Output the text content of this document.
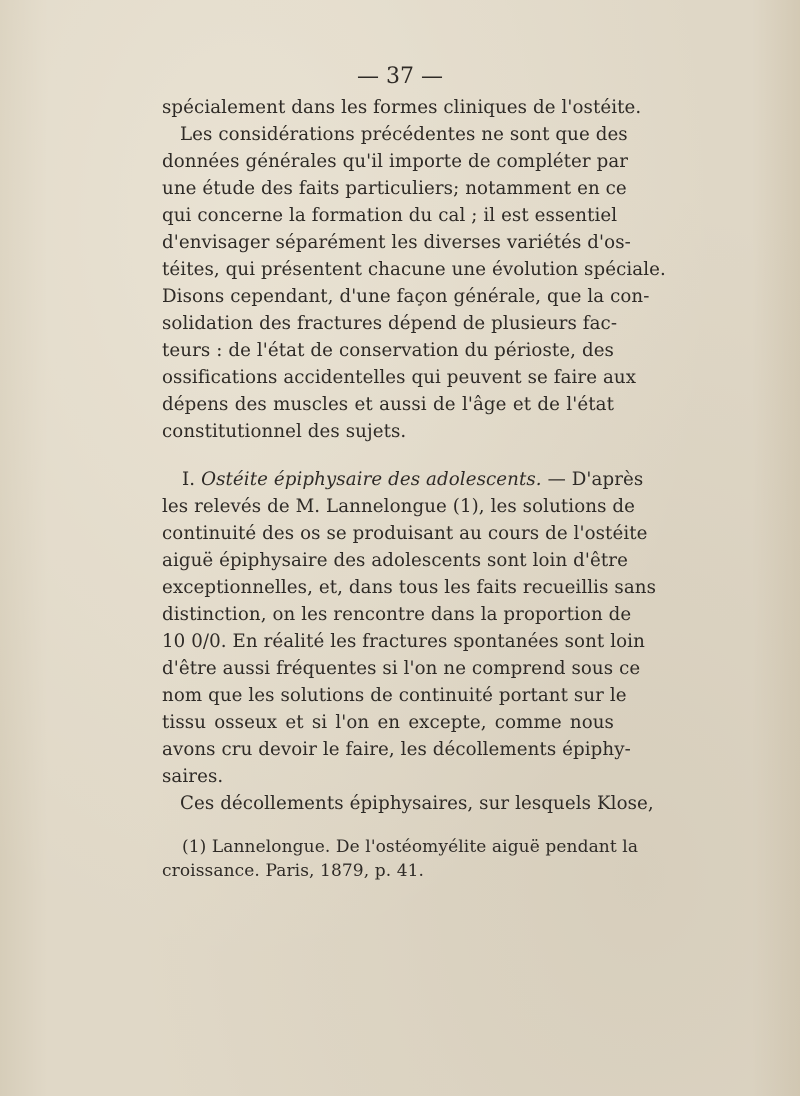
— 37 —
spécialement dans les formes cliniques de l'ostéite.
Les considérations précédentes ne sont que des
données générales qu'il importe de compléter par
une étude des faits particuliers; notamment en ce
qui concerne la formation du cal ; il est essentiel
d'envisager séparément les diverses variétés d'os-
téites, qui présentent chacune une évolution spéciale.
Disons cependant, d'une façon générale, que la con-
solidation des fractures dépend de plusieurs fac-
teurs : de l'état de conservation du périoste, des
ossifications accidentelles qui peuvent se faire aux
dépens des muscles et aussi de l'âge et de l'état
constitutionnel des sujets.
I. Ostéite épiphysaire des adolescents. — D'après
les relevés de M. Lannelongue (1), les solutions de
continuité des os se produisant au cours de l'ostéite
aiguë épiphysaire des adolescents sont loin d'être
exceptionnelles, et, dans tous les faits recueillis sans
distinction, on les rencontre dans la proportion de
10 0/0. En réalité les fractures spontanées sont loin
d'être aussi fréquentes si l'on ne comprend sous ce
nom que les solutions de continuité portant sur le
tissu osseux et si l'on en excepte, comme nous
avons cru devoir le faire, les décollements épiphy-
saires.
Ces décollements épiphysaires, sur lesquels Klose,
(1) Lannelongue. De l'ostéomyélite aiguë pendant la
croissance. Paris, 1879, p. 41.
